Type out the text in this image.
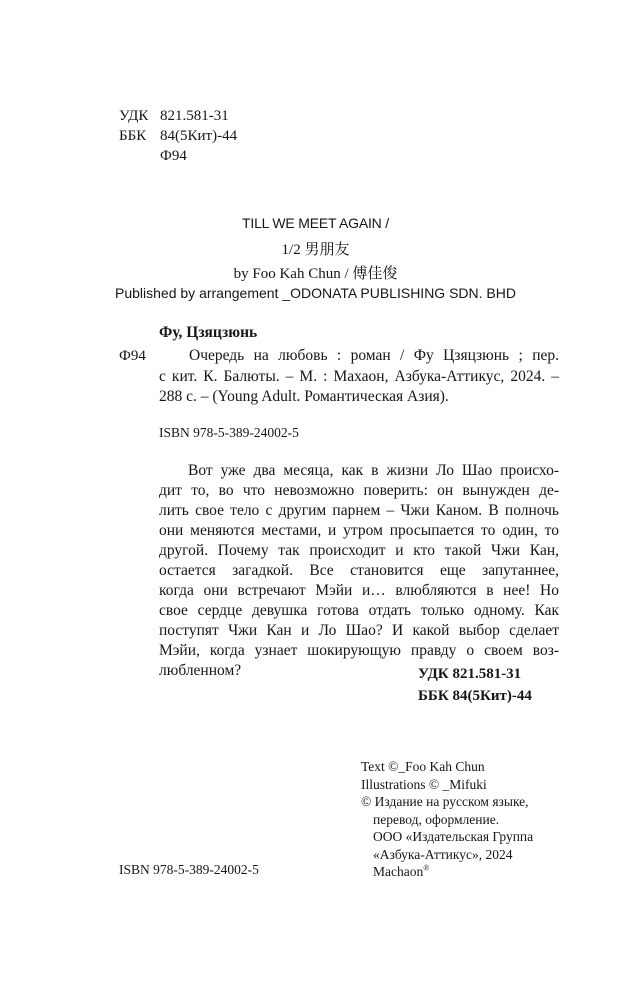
УДК 821.581-31
ББК 84(5Кит)-44
Ф94
TILL WE MEET AGAIN /
1/2 男朋友
by Foo Kah Chun / 傅佳俊
Published by arrangement _ODONATA PUBLISHING SDN. BHD
Фу, Цзяцзюнь
Ф94	Очередь на любовь : роман / Фу Цзяцзюнь ; пер.
с кит. К. Балюты. – М. : Махаон, Азбука-Аттикус, 2024. –
288 с. – (Young Adult. Романтическая Азия).
ISBN 978-5-389-24002-5
Вот уже два месяца, как в жизни Ло Шао происхо-
дит то, во что невозможно поверить: он вынужден де-
лить свое тело с другим парнем – Чжи Каном. В полночь
они меняются местами, и утром просыпается то один, то
другой. Почему так происходит и кто такой Чжи Кан,
остается загадкой. Все становится еще запутаннее,
когда они встречают Мэйи и… влюбляются в нее! Но
свое сердце девушка готова отдать только одному. Как
поступят Чжи Кан и Ло Шао? И какой выбор сделает
Мэйи, когда узнает шокирующую правду о своем воз-
любленном?	УДК 821.581-31
ББК 84(5Кит)-44
Text ©_Foo Kah Chun
Illustrations © _Mifuki
© Издание на русском языке,
перевод, оформление.
ООО «Издательская Группа
«Азбука-Аттикус», 2024
Machaon®
ISBN 978-5-389-24002-5
